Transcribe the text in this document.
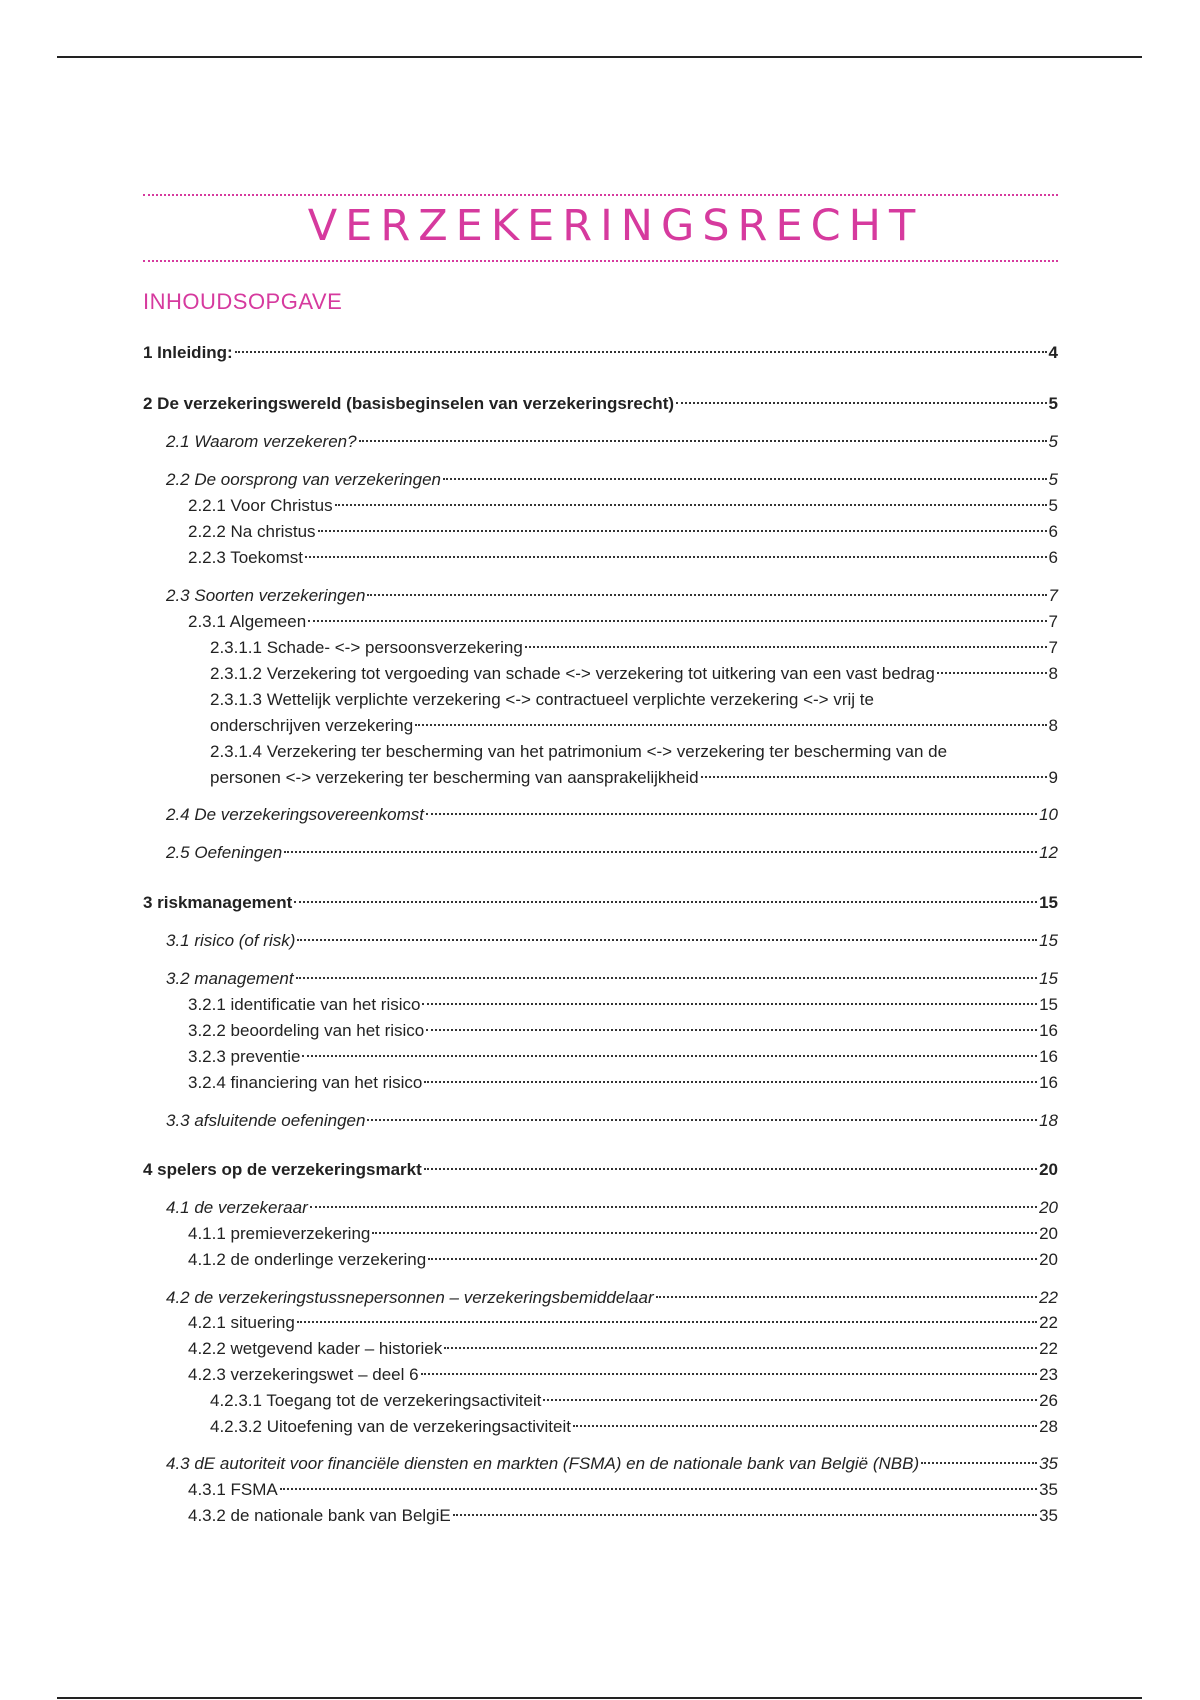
VERZEKERINGSRECHT
INHOUDSOPGAVE
1 Inleiding:	4
2 De verzekeringswereld (basisbeginselen van verzekeringsrecht)	5
2.1 Waarom verzekeren?	5
2.2 De oorsprong van verzekeringen	5
2.2.1 Voor Christus	5
2.2.2 Na christus	6
2.2.3 Toekomst	6
2.3 Soorten verzekeringen	7
2.3.1 Algemeen	7
2.3.1.1 Schade- <-> persoonsverzekering	7
2.3.1.2 Verzekering tot vergoeding van schade <-> verzekering tot uitkering van een vast bedrag	8
2.3.1.3 Wettelijk verplichte verzekering <-> contractueel verplichte verzekering <-> vrij te
onderschrijven verzekering	8
2.3.1.4 Verzekering ter bescherming van het patrimonium <-> verzekering ter bescherming van de
personen <-> verzekering ter bescherming van aansprakelijkheid	9
2.4 De verzekeringsovereenkomst	10
2.5 Oefeningen	12
3 riskmanagement	15
3.1 risico (of risk)	15
3.2 management	15
3.2.1 identificatie van het risico	15
3.2.2 beoordeling van het risico	16
3.2.3 preventie	16
3.2.4 financiering van het risico	16
3.3 afsluitende oefeningen	18
4 spelers op de verzekeringsmarkt	20
4.1 de verzekeraar	20
4.1.1 premieverzekering	20
4.1.2 de onderlinge verzekering	20
4.2 de verzekeringstussnepersonnen – verzekeringsbemiddelaar	22
4.2.1 situering	22
4.2.2 wetgevend kader – historiek	22
4.2.3 verzekeringswet – deel 6	23
4.2.3.1 Toegang tot de verzekeringsactiviteit	26
4.2.3.2 Uitoefening van de verzekeringsactiviteit	28
4.3 dE autoriteit voor financiële diensten en markten (FSMA) en de nationale bank van België (NBB)	35
4.3.1 FSMA	35
4.3.2 de nationale bank van BelgiE	35
